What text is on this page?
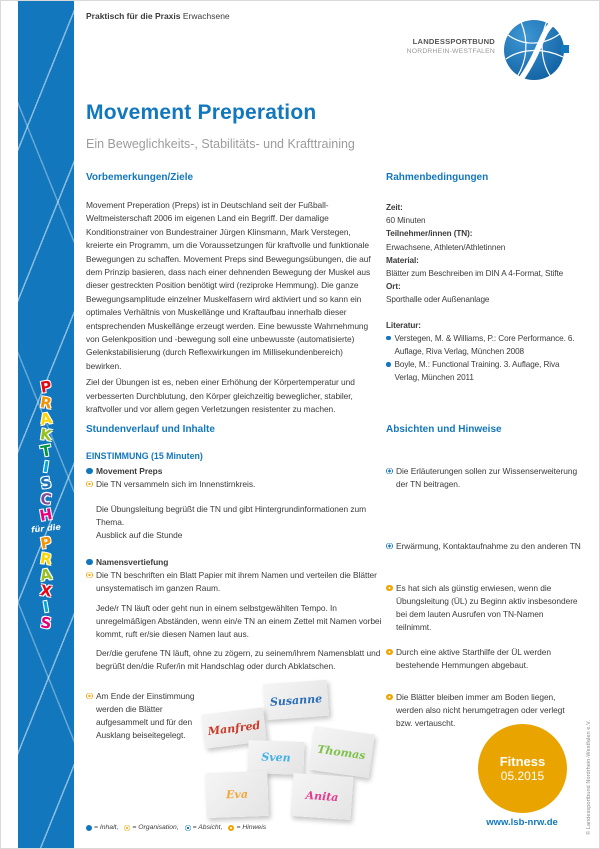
P
R
A
K
T
I
S
C
H
für die
P
R
A
X
I
S
Praktisch für die Praxis Erwachsene
LANDESSPORTBUND
NORDRHEIN-WESTFALEN
Movement Preperation
Ein Beweglichkeits-, Stabilitäts- und Krafttraining
Vorbemerkungen/Ziele	Rahmenbedingungen
Stundenverlauf und Inhalte	Absichten und Hinweise

Movement Preperation (Preps) ist in Deutschland seit der Fußball-Weltmeisterschaft 2006 im eigenen Land ein Begriff. Der damalige Konditionstrainer von Bundestrainer Jürgen Klinsmann, Mark Verstegen, kreierte ein Programm, um die Voraussetzungen für kraftvolle und funktionale Bewegungen zu schaffen. Movement Preps sind Bewegungsübungen, die auf dem Prinzip basieren, dass nach einer dehnenden Bewegung der Muskel aus dieser gestreckten Position benötigt wird (reziproke Hemmung). Die ganze Bewegungsamplitude einzelner Muskelfasern wird aktiviert und so kann ein optimales Verhältnis von Muskellänge und Kraftaufbau innerhalb dieser entsprechenden Muskellänge erzeugt werden. Eine bewusste Wahrnehmung von Gelenkposition und -bewegung soll eine unbewusste (automatisierte) Gelenkstabilisierung (durch Reflexwirkungen im Millisekundenbereich) bewirken.

Ziel der Übungen ist es, neben einer Erhöhung der Körpertemperatur und verbesserten Durchblutung, den Körper gleichzeitig beweglicher, stabiler, kraftvoller und vor allem gegen Verletzungen resistenter zu machen.

Zeit:
60 Minuten
Teilnehmer/innen (TN):
Erwachsene, Athleten/Athletinnen
Material:
Blätter zum Beschreiben im DIN A 4-Format, Stifte
Ort:
Sporthalle oder Außenanlage
Literatur:
Verstegen, M. & Williams, P.: Core Performance. 6. Auflage, Riva Verlag, München 2008
Boyle, M.: Functional Training. 3. Auflage, Riva Verlag, München 2011
EINSTIMMUNG (15 Minuten)
Movement Preps
Die TN versammeln sich im Innenstirnkreis.
Die Übungsleitung begrüßt die TN und gibt Hintergrundinformationen zum Thema.
Ausblick auf die Stunde
Namensvertiefung
Die TN beschriften ein Blatt Papier mit ihrem Namen und verteilen die Blätter unsystematisch im ganzen Raum.
Jede/r TN läuft oder geht nun in einem selbstgewählten Tempo. In unregelmäßigen Abständen, wenn ein/e TN an einem Zettel mit Namen vorbei kommt, ruft er/sie diesen Namen laut aus.
Der/die gerufene TN läuft, ohne zu zögern, zu seinem/ihrem Namensblatt und begrüßt den/die Rufer/in mit Handschlag oder durch Abklatschen.
Am Ende der Einstimmung werden die Blätter aufgesammelt und für den Ausklang beiseitegelegt.
Die Erläuterungen sollen zur Wissenserweiterung der TN beitragen.
Erwärmung, Kontaktaufnahme zu den anderen TN
Es hat sich als günstig erwiesen, wenn die Übungsleitung (ÜL) zu Beginn aktiv insbesondere bei dem lauten Ausrufen von TN-Namen teilnimmt.
Durch eine aktive Starthilfe der ÜL werden bestehende Hemmungen abgebaut.
Die Blätter bleiben immer am Boden liegen, werden also nicht herumgetragen oder verlegt bzw. vertauscht.
Susanne
Manfred
Sven Thomas
Eva	Anita
Fitness
05.2015
www.lsb-nrw.de
= Inhalt, = Organisation, = Absicht, = Hinweis	© Landessportbund Nordrhein-Westfalen e.V.
